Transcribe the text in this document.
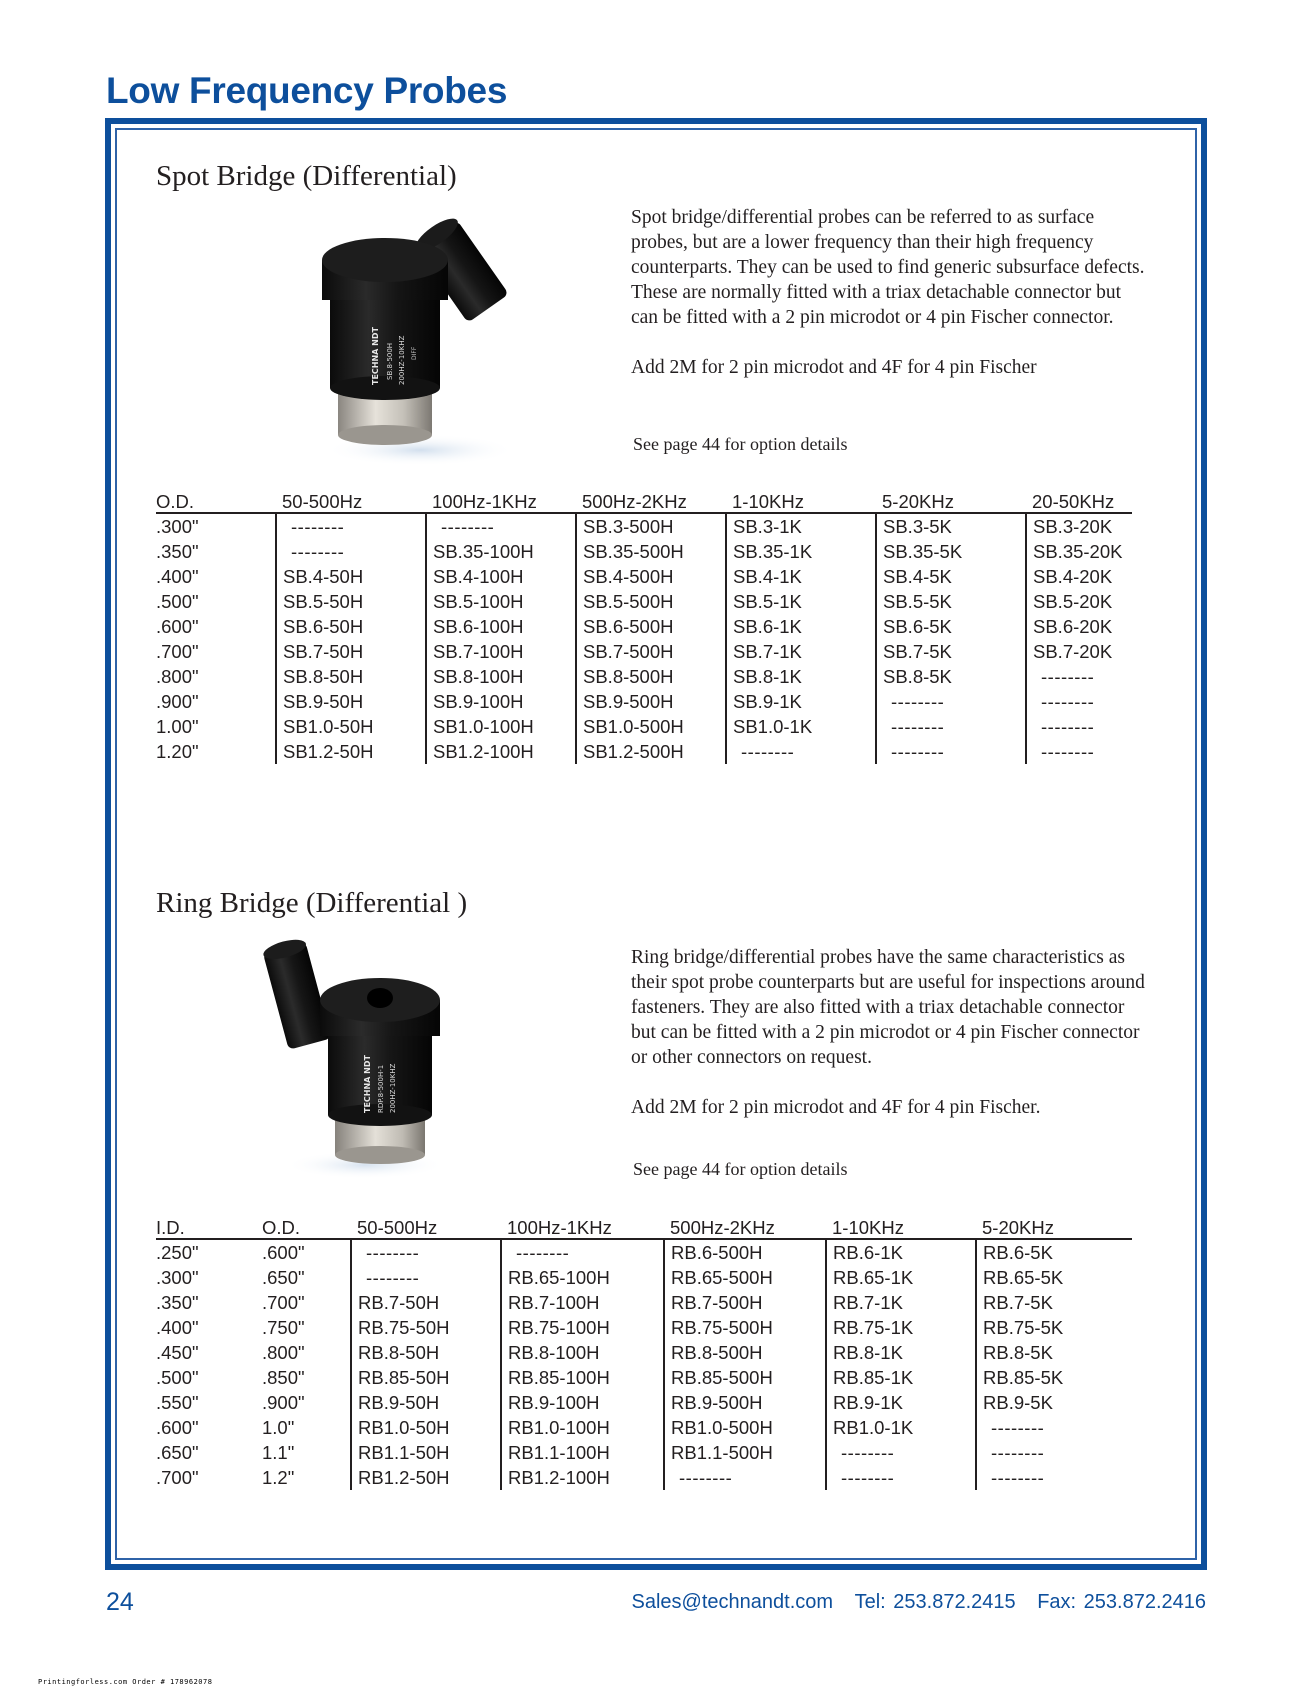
Low Frequency Probes
Spot Bridge (Differential)
TECHNA NDT SB.8-500H 200HZ-10KHZ DIFF

Spot bridge/differential probes can be referred to as surface probes, but are a lower frequency than their high frequency counterparts. They can be used to find generic subsurface defects. These are normally fitted with a triax detachable connector but can be fitted with a 2 pin microdot or 4 pin Fischer connector.

Add 2M for 2 pin microdot and 4F for 4 pin Fischer

See page 44 for option details
O.D.	50-500Hz	100Hz-1KHz	500Hz-2KHz	1-10KHz	5-20KHz	20-50KHz
.300"	--------	--------	SB.3-500H	SB.3-1K	SB.3-5K	SB.3-20K
.350"	--------	SB.35-100H	SB.35-500H	SB.35-1K	SB.35-5K	SB.35-20K
.400"	SB.4-50H	SB.4-100H	SB.4-500H	SB.4-1K	SB.4-5K	SB.4-20K
.500"	SB.5-50H	SB.5-100H	SB.5-500H	SB.5-1K	SB.5-5K	SB.5-20K
.600"	SB.6-50H	SB.6-100H	SB.6-500H	SB.6-1K	SB.6-5K	SB.6-20K
.700"	SB.7-50H	SB.7-100H	SB.7-500H	SB.7-1K	SB.7-5K	SB.7-20K
.800"	SB.8-50H	SB.8-100H	SB.8-500H	SB.8-1K	SB.8-5K	--------
.900"	SB.9-50H	SB.9-100H	SB.9-500H	SB.9-1K	--------	--------
1.00"	SB1.0-50H	SB1.0-100H	SB1.0-500H	SB1.0-1K	--------	--------
1.20"	SB1.2-50H	SB1.2-100H	SB1.2-500H	--------	--------	--------
Ring Bridge (Differential )
TECHNA NDT RDP.8-500H-1 200HZ-10KHZ

Ring bridge/differential probes have the same characteristics as their spot probe counterparts but are useful for inspections around fasteners. They are also fitted with a triax detachable connector but can be fitted with a 2 pin microdot or 4 pin Fischer connector or other connectors on request.

Add 2M for 2 pin microdot and 4F for 4 pin Fischer.

See page 44 for option details
I.D.	O.D.	50-500Hz	100Hz-1KHz	500Hz-2KHz	1-10KHz	5-20KHz
.250"	.600"	--------	--------	RB.6-500H	RB.6-1K	RB.6-5K
.300"	.650"	--------	RB.65-100H	RB.65-500H	RB.65-1K	RB.65-5K
.350"	.700"	RB.7-50H	RB.7-100H	RB.7-500H	RB.7-1K	RB.7-5K
.400"	.750"	RB.75-50H	RB.75-100H	RB.75-500H	RB.75-1K	RB.75-5K
.450"	.800"	RB.8-50H	RB.8-100H	RB.8-500H	RB.8-1K	RB.8-5K
.500"	.850"	RB.85-50H	RB.85-100H	RB.85-500H	RB.85-1K	RB.85-5K
.550"	.900"	RB.9-50H	RB.9-100H	RB.9-500H	RB.9-1K	RB.9-5K
.600"	1.0"	RB1.0-50H	RB1.0-100H	RB1.0-500H	RB1.0-1K	--------
.650"	1.1"	RB1.1-50H	RB1.1-100H	RB1.1-500H	--------	--------
.700"	1.2"	RB1.2-50H	RB1.2-100H	--------	--------	--------
24	Sales@technandt.com Tel: 253.872.2415 Fax: 253.872.2416
Printingforless.com Order # 178962078
